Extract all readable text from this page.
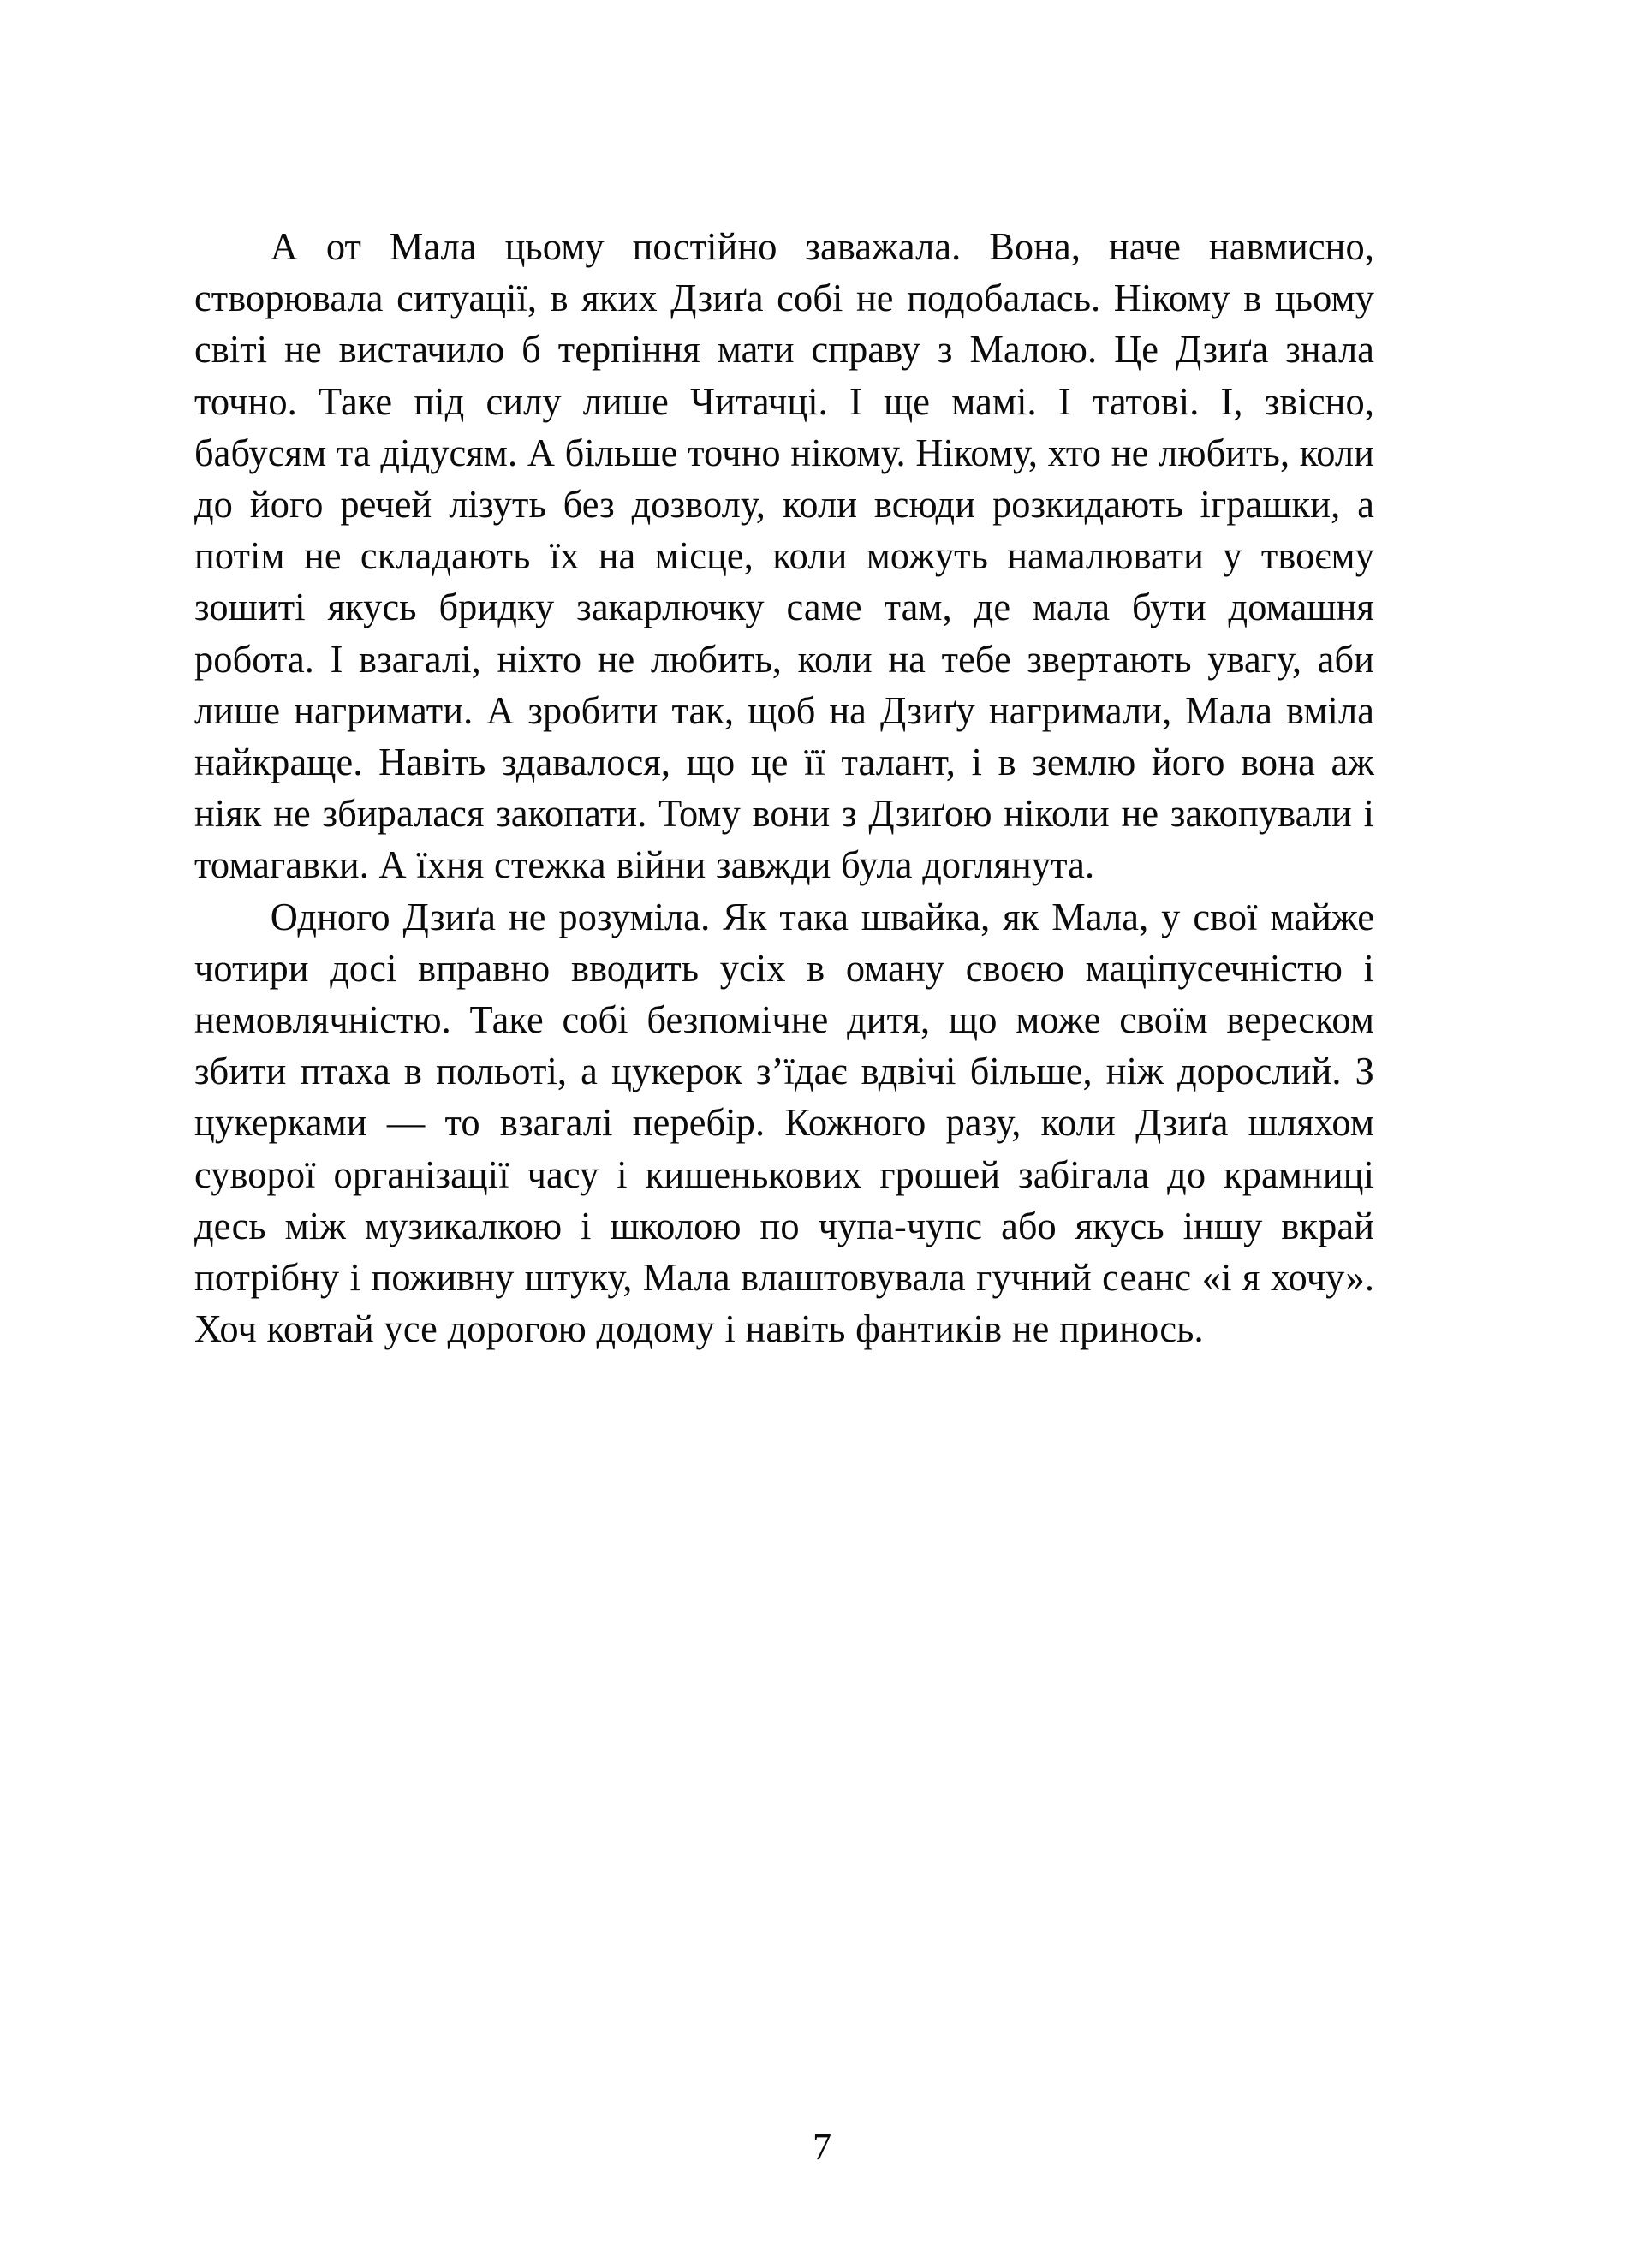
А от Мала цьому постійно заважала. Вона, наче навмисно, створювала ситуації, в яких Дзиґа собі не подобалась. Нікому в цьому світі не вистачило б терпіння мати справу з Малою. Це Дзиґа знала точно. Таке під силу лише Читачці. І ще мамі. І татові. І, звісно, бабусям та дідусям. А більше точно нікому. Нікому, хто не любить, коли до його речей лізуть без дозволу, коли всюди розкидають іграшки, а потім не складають їх на місце, коли можуть намалювати у твоєму зошиті якусь бридку закарлючку саме там, де мала бути домашня робота. І взагалі, ніхто не любить, коли на тебе звертають увагу, аби лише нагримати. А зробити так, щоб на Дзиґу нагримали, Мала вміла найкраще. Навіть здавалося, що це її талант, і в землю його вона аж ніяк не збиралася закопати. Тому вони з Дзиґою ніколи не закопували і томагавки. А їхня стежка війни завжди була доглянута.

Одного Дзиґа не розуміла. Як така швайка, як Мала, у свої майже чотири досі вправно вводить усіх в оману своєю маціпусечністю і немовлячністю. Таке собі безпомічне дитя, що може своїм вереском збити птаха в польоті, а цукерок з’їдає вдвічі більше, ніж дорослий. З цукерками — то взагалі перебір. Кожного разу, коли Дзиґа шляхом суворої організації часу і кишенькових грошей забігала до крамниці десь між музикалкою і школою по чупа-чупс або якусь іншу вкрай потрібну і поживну штуку, Мала влаштовувала гучний сеанс «і я хочу». Хоч ковтай усе дорогою додому і навіть фантиків не принось.

7
